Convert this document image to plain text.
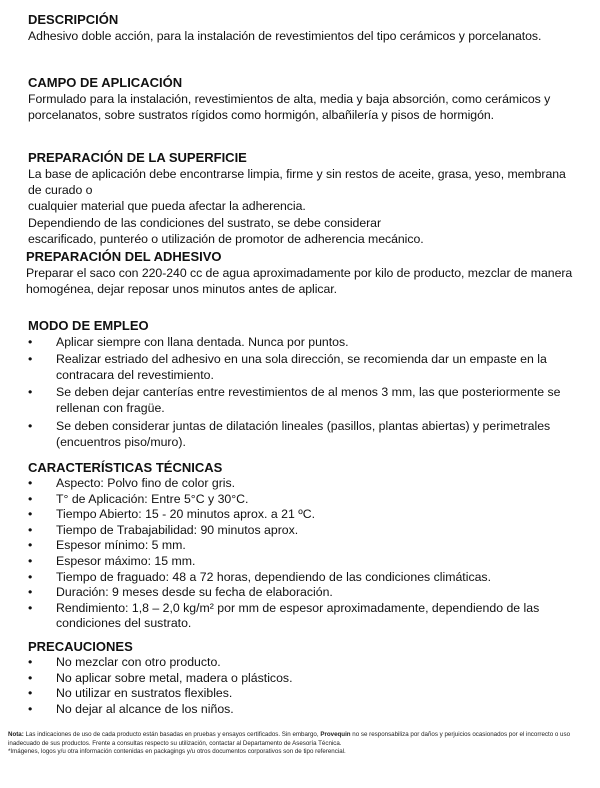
DESCRIPCIÓN

Adhesivo doble acción, para la instalación de revestimientos del tipo cerámicos y porcelanatos.

CAMPO DE APLICACIÓN

Formulado para la instalación, revestimientos de alta, media y baja absorción, como cerámicos y

porcelanatos, sobre sustratos rígidos como hormigón, albañilería y pisos de hormigón.

PREPARACIÓN DE LA SUPERFICIE

La base de aplicación debe encontrarse limpia, firme y sin restos de aceite, grasa, yeso, membrana de curado o

cualquier material que pueda afectar la adherencia.

Dependiendo de las condiciones del sustrato, se debe considerar

escarificado, punteréo o utilización de promotor de adherencia mecánico.

PREPARACIÓN DEL ADHESIVO

Preparar el saco con 220-240 cc de agua aproximadamente por kilo de producto, mezclar de manera

homogénea, dejar reposar unos minutos antes de aplicar.

MODO DE EMPLEO

• Aplicar siempre con llana dentada. Nunca por puntos.
• Realizar estriado del adhesivo en una sola dirección, se recomienda dar un empaste en la contracara del revestimiento.
• Se deben dejar canterías entre revestimientos de al menos 3 mm, las que posteriormente se rellenan con fragüe.
• Se deben considerar juntas de dilatación lineales (pasillos, plantas abiertas) y perimetrales (encuentros piso/muro).

CARACTERÍSTICAS TÉCNICAS

• Aspecto: Polvo fino de color gris.
• T° de Aplicación: Entre 5°C y 30°C.
• Tiempo Abierto: 15 - 20 minutos aprox. a 21 ºC.
• Tiempo de Trabajabilidad: 90 minutos aprox.
• Espesor mínimo: 5 mm.
• Espesor máximo: 15 mm.
• Tiempo de fraguado: 48 a 72 horas, dependiendo de las condiciones climáticas.
• Duración: 9 meses desde su fecha de elaboración.
• Rendimiento: 1,8 – 2,0 kg/m² por mm de espesor aproximadamente, dependiendo de las condiciones del sustrato.

PRECAUCIONES

• No mezclar con otro producto.
• No aplicar sobre metal, madera o plásticos.
• No utilizar en sustratos flexibles.
• No dejar al alcance de los niños.
Nota: Las indicaciones de uso de cada producto están basadas en pruebas y ensayos certificados. Sin embargo, Provequin no se responsabiliza por daños y perjuicios ocasionados por el incorrecto o uso inadecuado de sus productos. Frente a consultas respecto su utilización, contactar al Departamento de Asesoría Técnica.
*Imágenes, logos y/u otra información contenidas en packagings y/u otros documentos corporativos son de tipo referencial.
